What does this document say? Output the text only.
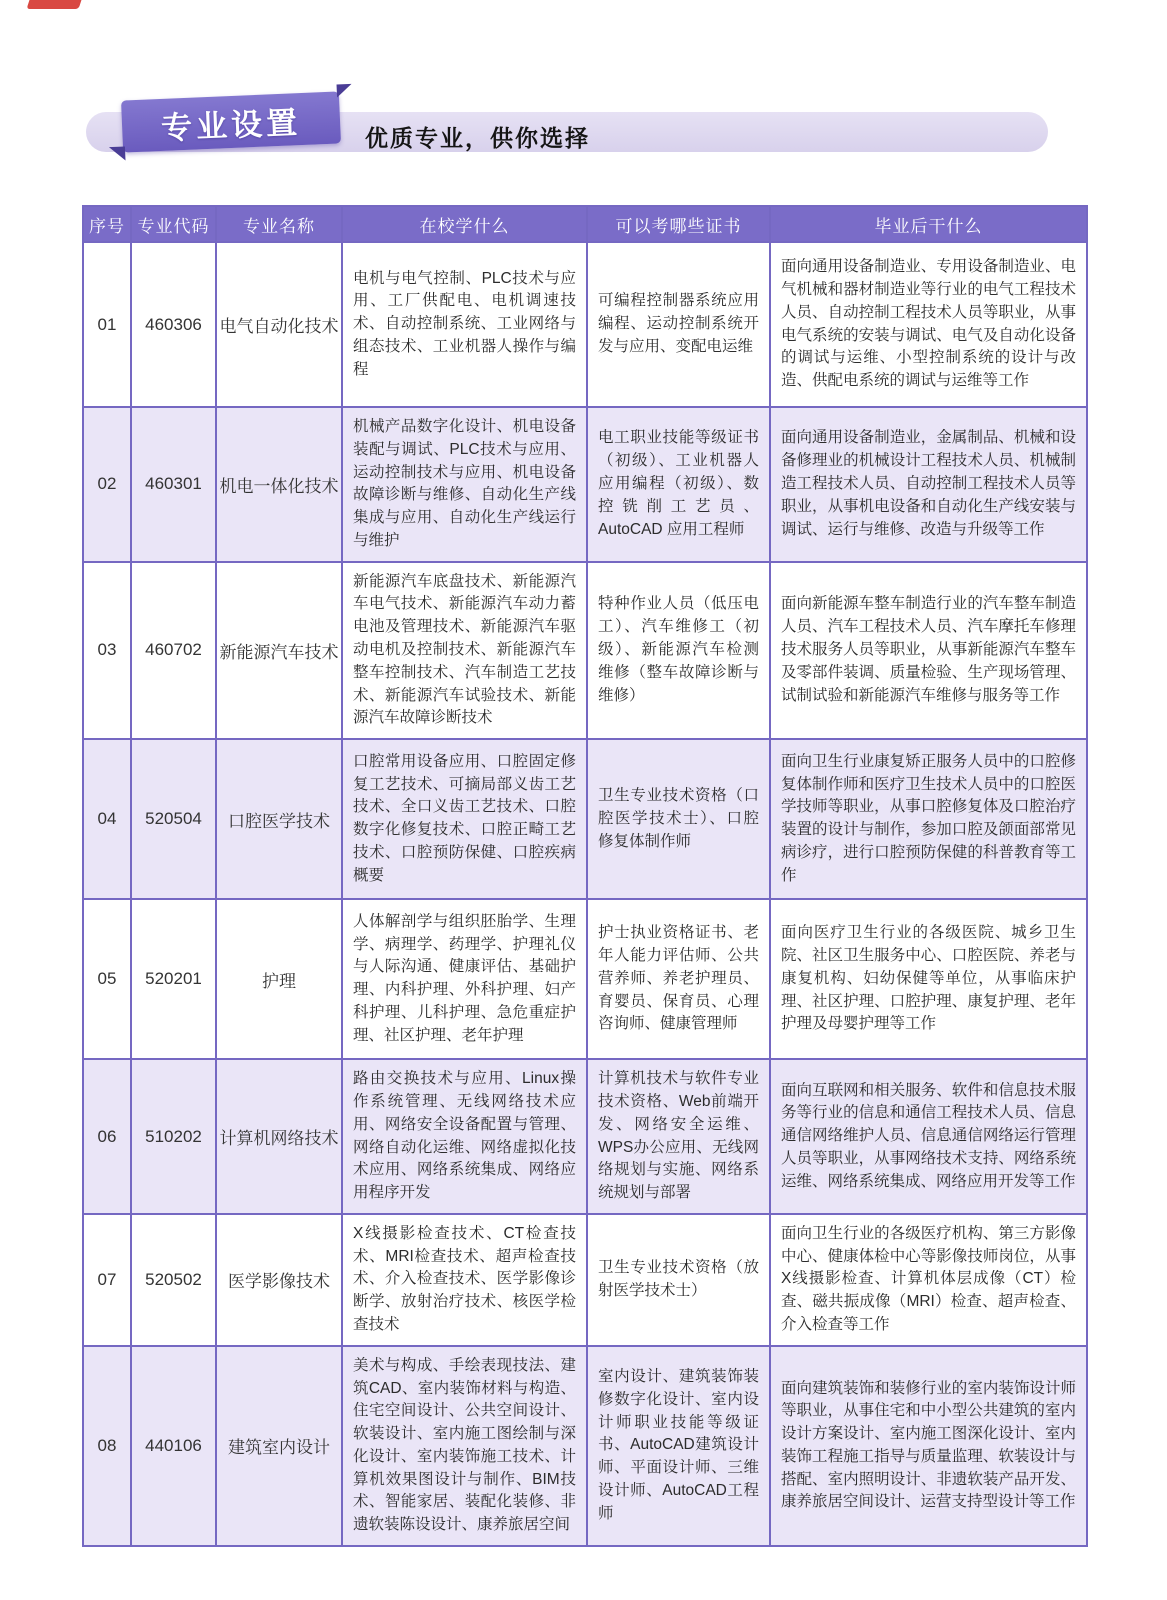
专业设置	优质专业，供你选择
序号	专业代码	专业名称	在校学什么	可以考哪些证书	毕业后干什么
01	460306	电气自动化技术	电机与电气控制、PLC技术与应用、工厂供配电、电机调速技术、自动控制系统、工业网络与组态技术、工业机器人操作与编程	可编程控制器系统应用编程、运动控制系统开发与应用、变配电运维	面向通用设备制造业、专用设备制造业、电气机械和器材制造业等行业的电气工程技术人员、自动控制工程技术人员等职业，从事电气系统的安装与调试、电气及自动化设备的调试与运维、小型控制系统的设计与改造、供配电系统的调试与运维等工作
02	460301	机电一体化技术	机械产品数字化设计、机电设备装配与调试、PLC技术与应用、运动控制技术与应用、机电设备故障诊断与维修、自动化生产线集成与应用、自动化生产线运行与维护	电工职业技能等级证书（初级）、工业机器人应用编程（初级）、数控铣削工艺员、AutoCAD 应用工程师	面向通用设备制造业，金属制品、机械和设备修理业的机械设计工程技术人员、机械制造工程技术人员、自动控制工程技术人员等职业，从事机电设备和自动化生产线安装与调试、运行与维修、改造与升级等工作
03	460702	新能源汽车技术	新能源汽车底盘技术、新能源汽车电气技术、新能源汽车动力蓄电池及管理技术、新能源汽车驱动电机及控制技术、新能源汽车整车控制技术、汽车制造工艺技术、新能源汽车试验技术、新能源汽车故障诊断技术	特种作业人员（低压电工）、汽车维修工（初级）、新能源汽车检测维修（整车故障诊断与维修）	面向新能源车整车制造行业的汽车整车制造人员、汽车工程技术人员、汽车摩托车修理技术服务人员等职业，从事新能源汽车整车及零部件装调、质量检验、生产现场管理、试制试验和新能源汽车维修与服务等工作
04	520504	口腔医学技术	口腔常用设备应用、口腔固定修复工艺技术、可摘局部义齿工艺技术、全口义齿工艺技术、口腔数字化修复技术、口腔正畸工艺技术、口腔预防保健、口腔疾病概要	卫生专业技术资格（口腔医学技术士）、口腔修复体制作师	面向卫生行业康复矫正服务人员中的口腔修复体制作师和医疗卫生技术人员中的口腔医学技师等职业，从事口腔修复体及口腔治疗装置的设计与制作，参加口腔及颌面部常见病诊疗，进行口腔预防保健的科普教育等工作
05	520201	护理	人体解剖学与组织胚胎学、生理学、病理学、药理学、护理礼仪与人际沟通、健康评估、基础护理、内科护理、外科护理、妇产科护理、儿科护理、急危重症护理、社区护理、老年护理	护士执业资格证书、老年人能力评估师、公共营养师、养老护理员、育婴员、保育员、心理咨询师、健康管理师	面向医疗卫生行业的各级医院、城乡卫生院、社区卫生服务中心、口腔医院、养老与康复机构、妇幼保健等单位，从事临床护理、社区护理、口腔护理、康复护理、老年护理及母婴护理等工作
06	510202	计算机网络技术	路由交换技术与应用、Linux操作系统管理、无线网络技术应用、网络安全设备配置与管理、网络自动化运维、网络虚拟化技术应用、网络系统集成、网络应用程序开发	计算机技术与软件专业技术资格、Web前端开发、网络安全运维、WPS办公应用、无线网络规划与实施、网络系统规划与部署	面向互联网和相关服务、软件和信息技术服务等行业的信息和通信工程技术人员、信息通信网络维护人员、信息通信网络运行管理人员等职业，从事网络技术支持、网络系统运维、网络系统集成、网络应用开发等工作
07	520502	医学影像技术	X线摄影检查技术、CT检查技术、MRI检查技术、超声检查技术、介入检查技术、医学影像诊断学、放射治疗技术、核医学检查技术	卫生专业技术资格（放射医学技术士）	面向卫生行业的各级医疗机构、第三方影像中心、健康体检中心等影像技师岗位，从事X线摄影检查、计算机体层成像（CT）检查、磁共振成像（MRI）检查、超声检查、介入检查等工作
08	440106	建筑室内设计	美术与构成、手绘表现技法、建筑CAD、室内装饰材料与构造、住宅空间设计、公共空间设计、软装设计、室内施工图绘制与深化设计、室内装饰施工技术、计算机效果图设计与制作、BIM技术、智能家居、装配化装修、非遗软装陈设设计、康养旅居空间	室内设计、建筑装饰装修数字化设计、室内设计师职业技能等级证书、AutoCAD建筑设计师、平面设计师、三维设计师、AutoCAD工程师	面向建筑装饰和装修行业的室内装饰设计师等职业，从事住宅和中小型公共建筑的室内设计方案设计、室内施工图深化设计、室内装饰工程施工指导与质量监理、软装设计与搭配、室内照明设计、非遗软装产品开发、康养旅居空间设计、运营支持型设计等工作
